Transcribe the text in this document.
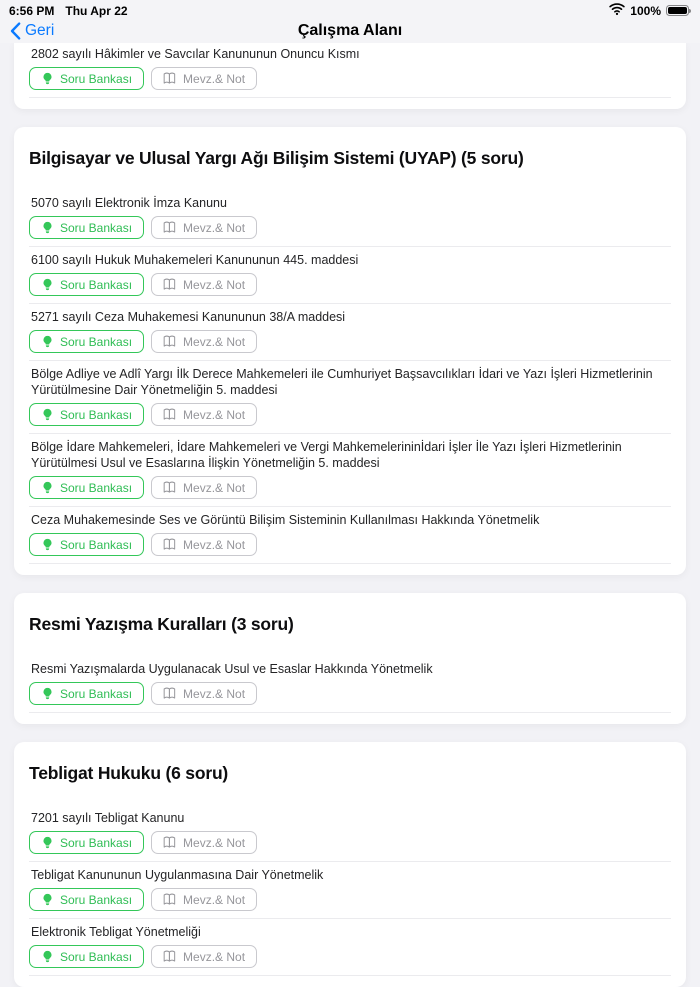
6:56 PM Thu Apr 22	100%
Geri	Çalışma Alanı
2802 sayılı Hâkimler ve Savcılar Kanununun Onuncu Kısmı
Soru Bankası	Mevz.& Not
Bilgisayar ve Ulusal Yargı Ağı Bilişim Sistemi (UYAP) (5 soru)
5070 sayılı Elektronik İmza Kanunu
Soru Bankası	Mevz.& Not
6100 sayılı Hukuk Muhakemeleri Kanununun 445. maddesi
Soru Bankası	Mevz.& Not
5271 sayılı Ceza Muhakemesi Kanununun 38/A maddesi
Soru Bankası	Mevz.& Not
Bölge Adliye ve Adlî Yargı İlk Derece Mahkemeleri ile Cumhuriyet Başsavcılıkları İdari ve Yazı İşleri Hizmetlerinin Yürütülmesine Dair Yönetmeliğin 5. maddesi
Soru Bankası	Mevz.& Not
Bölge İdare Mahkemeleri, İdare Mahkemeleri ve Vergi Mahkemelerininİdari İşler İle Yazı İşleri Hizmetlerinin Yürütülmesi Usul ve Esaslarına İlişkin Yönetmeliğin 5. maddesi
Soru Bankası	Mevz.& Not
Ceza Muhakemesinde Ses ve Görüntü Bilişim Sisteminin Kullanılması Hakkında Yönetmelik
Soru Bankası	Mevz.& Not
Resmi Yazışma Kuralları (3 soru)
Resmi Yazışmalarda Uygulanacak Usul ve Esaslar Hakkında Yönetmelik
Soru Bankası	Mevz.& Not
Tebligat Hukuku (6 soru)
7201 sayılı Tebligat Kanunu
Soru Bankası	Mevz.& Not
Tebligat Kanununun Uygulanmasına Dair Yönetmelik
Soru Bankası	Mevz.& Not
Elektronik Tebligat Yönetmeliği
Soru Bankası	Mevz.& Not
